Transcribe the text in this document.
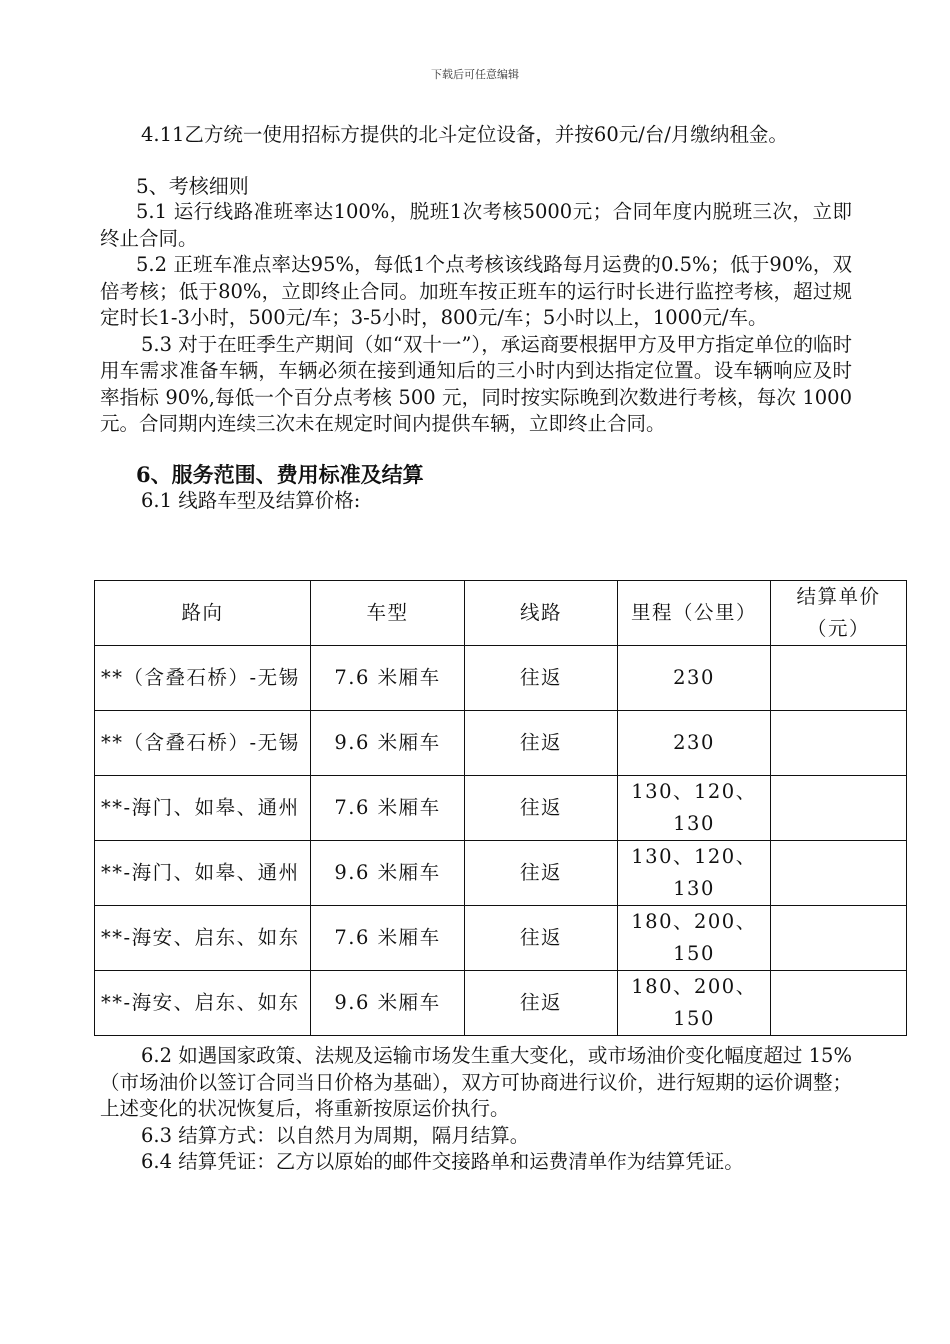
下载后可任意编辑

4.11乙方统一使用招标方提供的北斗定位设备，并按60元/台/月缴纳租金。

5、考核细则

5.1 运行线路准班率达100%，脱班1次考核5000元；合同年度内脱班三次，立即终止合同。

5.2 正班车准点率达95%，每低1个点考核该线路每月运费的0.5%；低于90%，双倍考核；低于80%，立即终止合同。加班车按正班车的运行时长进行监控考核，超过规定时长1-3小时，500元/车；3-5小时，800元/车；5小时以上，1000元/车。

5.3 对于在旺季生产期间（如“双十一”），承运商要根据甲方及甲方指定单位的临时用车需求准备车辆，车辆必须在接到通知后的三小时内到达指定位置。设车辆响应及时率指标 90%,每低一个百分点考核 500 元，同时按实际晚到次数进行考核，每次 1000 元。合同期内连续三次未在规定时间内提供车辆，立即终止合同。

6、服务范围、费用标准及结算

6.1 线路车型及结算价格:

路向	车型	线路	里程（公里）	结算单价（元）
**（含叠石桥）-无锡	7.6 米厢车	往返	230	
**（含叠石桥）-无锡	9.6 米厢车	往返	230	
**-海门、如皋、通州	7.6 米厢车	往返	130、120、130	
**-海门、如皋、通州	9.6 米厢车	往返	130、120、130	
**-海安、启东、如东	7.6 米厢车	往返	180、200、150	
**-海安、启东、如东	9.6 米厢车	往返	180、200、150	

6.2 如遇国家政策、法规及运输市场发生重大变化，或市场油价变化幅度超过 15%（市场油价以签订合同当日价格为基础），双方可协商进行议价，进行短期的运价调整；上述变化的状况恢复后，将重新按原运价执行。

6.3 结算方式：以自然月为周期，隔月结算。

6.4 结算凭证：乙方以原始的邮件交接路单和运费清单作为结算凭证。
